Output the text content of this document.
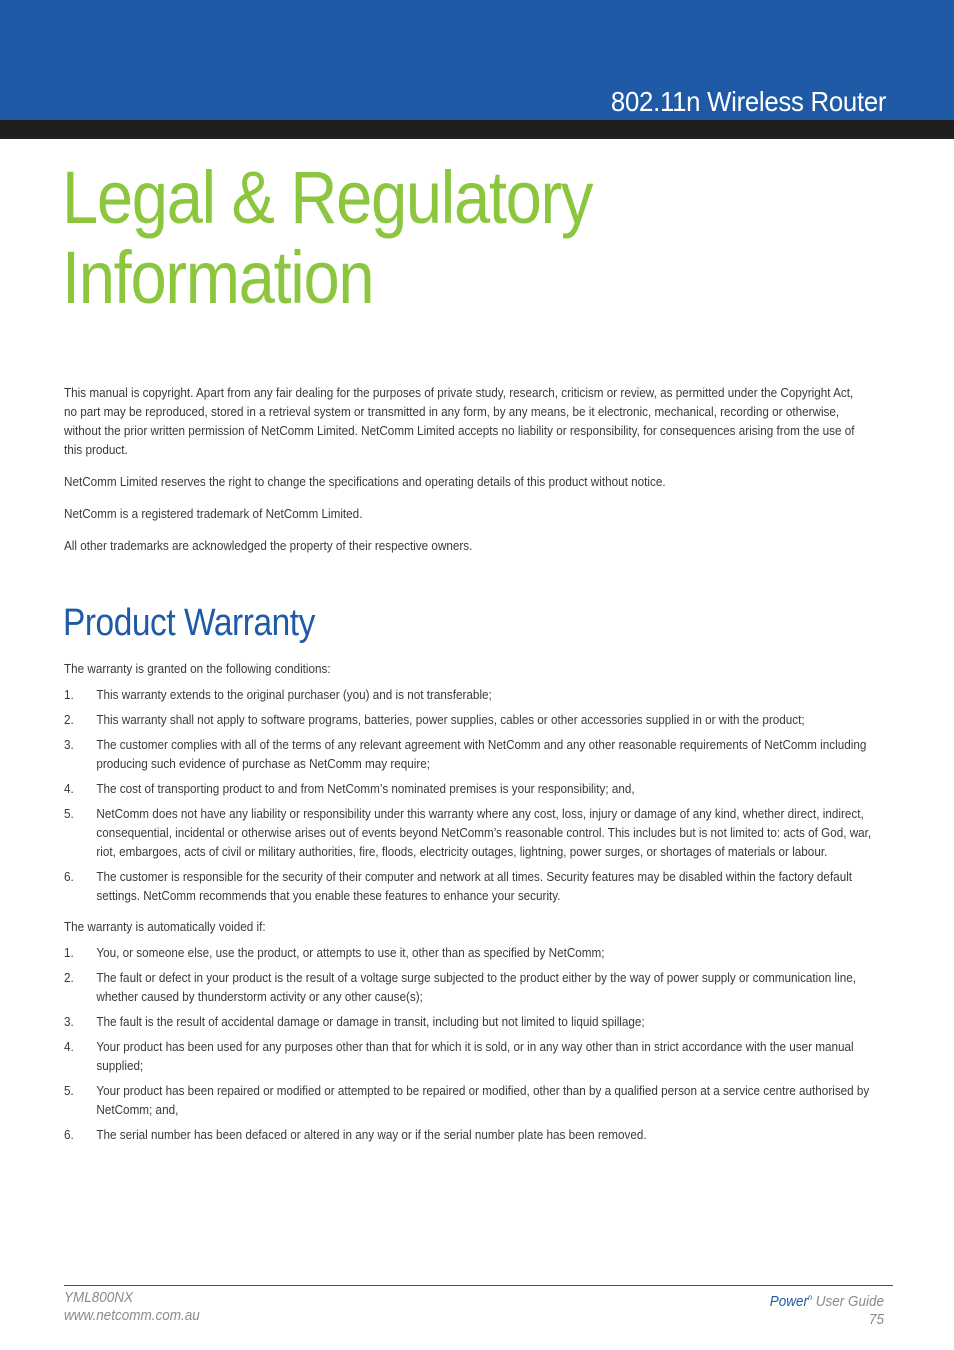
802.11n Wireless Router
Legal & Regulatory Information

This manual is copyright. Apart from any fair dealing for the purposes of private study, research, criticism or review, as permitted under the Copyright Act, no part may be reproduced, stored in a retrieval system or transmitted in any form, by any means, be it electronic, mechanical, recording or otherwise, without the prior written permission of NetComm Limited. NetComm Limited accepts no liability or responsibility, for consequences arising from the use of this product.

NetComm Limited reserves the right to change the specifications and operating details of this product without notice.

NetComm is a registered trademark of NetComm Limited.

All other trademarks are acknowledged the property of their respective owners.

Product Warranty

The warranty is granted on the following conditions:

1. This warranty extends to the original purchaser (you) and is not transferable;
2. This warranty shall not apply to software programs, batteries, power supplies, cables or other accessories supplied in or with the product;
3. The customer complies with all of the terms of any relevant agreement with NetComm and any other reasonable requirements of NetComm including producing such evidence of purchase as NetComm may require;
4. The cost of transporting product to and from NetComm’s nominated premises is your responsibility; and,
5. NetComm does not have any liability or responsibility under this warranty where any cost, loss, injury or damage of any kind, whether direct, indirect, consequential, incidental or otherwise arises out of events beyond NetComm’s reasonable control. This includes but is not limited to: acts of God, war, riot, embargoes, acts of civil or military authorities, fire, floods, electricity outages, lightning, power surges, or shortages of materials or labour.
6. The customer is responsible for the security of their computer and network at all times. Security features may be disabled within the factory default settings. NetComm recommends that you enable these features to enhance your security.

The warranty is automatically voided if:

1. You, or someone else, use the product, or attempts to use it, other than as specified by NetComm;
2. The fault or defect in your product is the result of a voltage surge subjected to the product either by the way of power supply or communication line, whether caused by thunderstorm activity or any other cause(s);
3. The fault is the result of accidental damage or damage in transit, including but not limited to liquid spillage;
4. Your product has been used for any purposes other than that for which it is sold, or in any way other than in strict accordance with the user manual supplied;
5. Your product has been repaired or modified or attempted to be repaired or modified, other than by a qualified person at a service centre authorised by NetComm; and,
6. The serial number has been defaced or altered in any way or if the serial number plate has been removed.
YML800NX
www.netcomm.com.au
Power$^n$ User Guide
75
